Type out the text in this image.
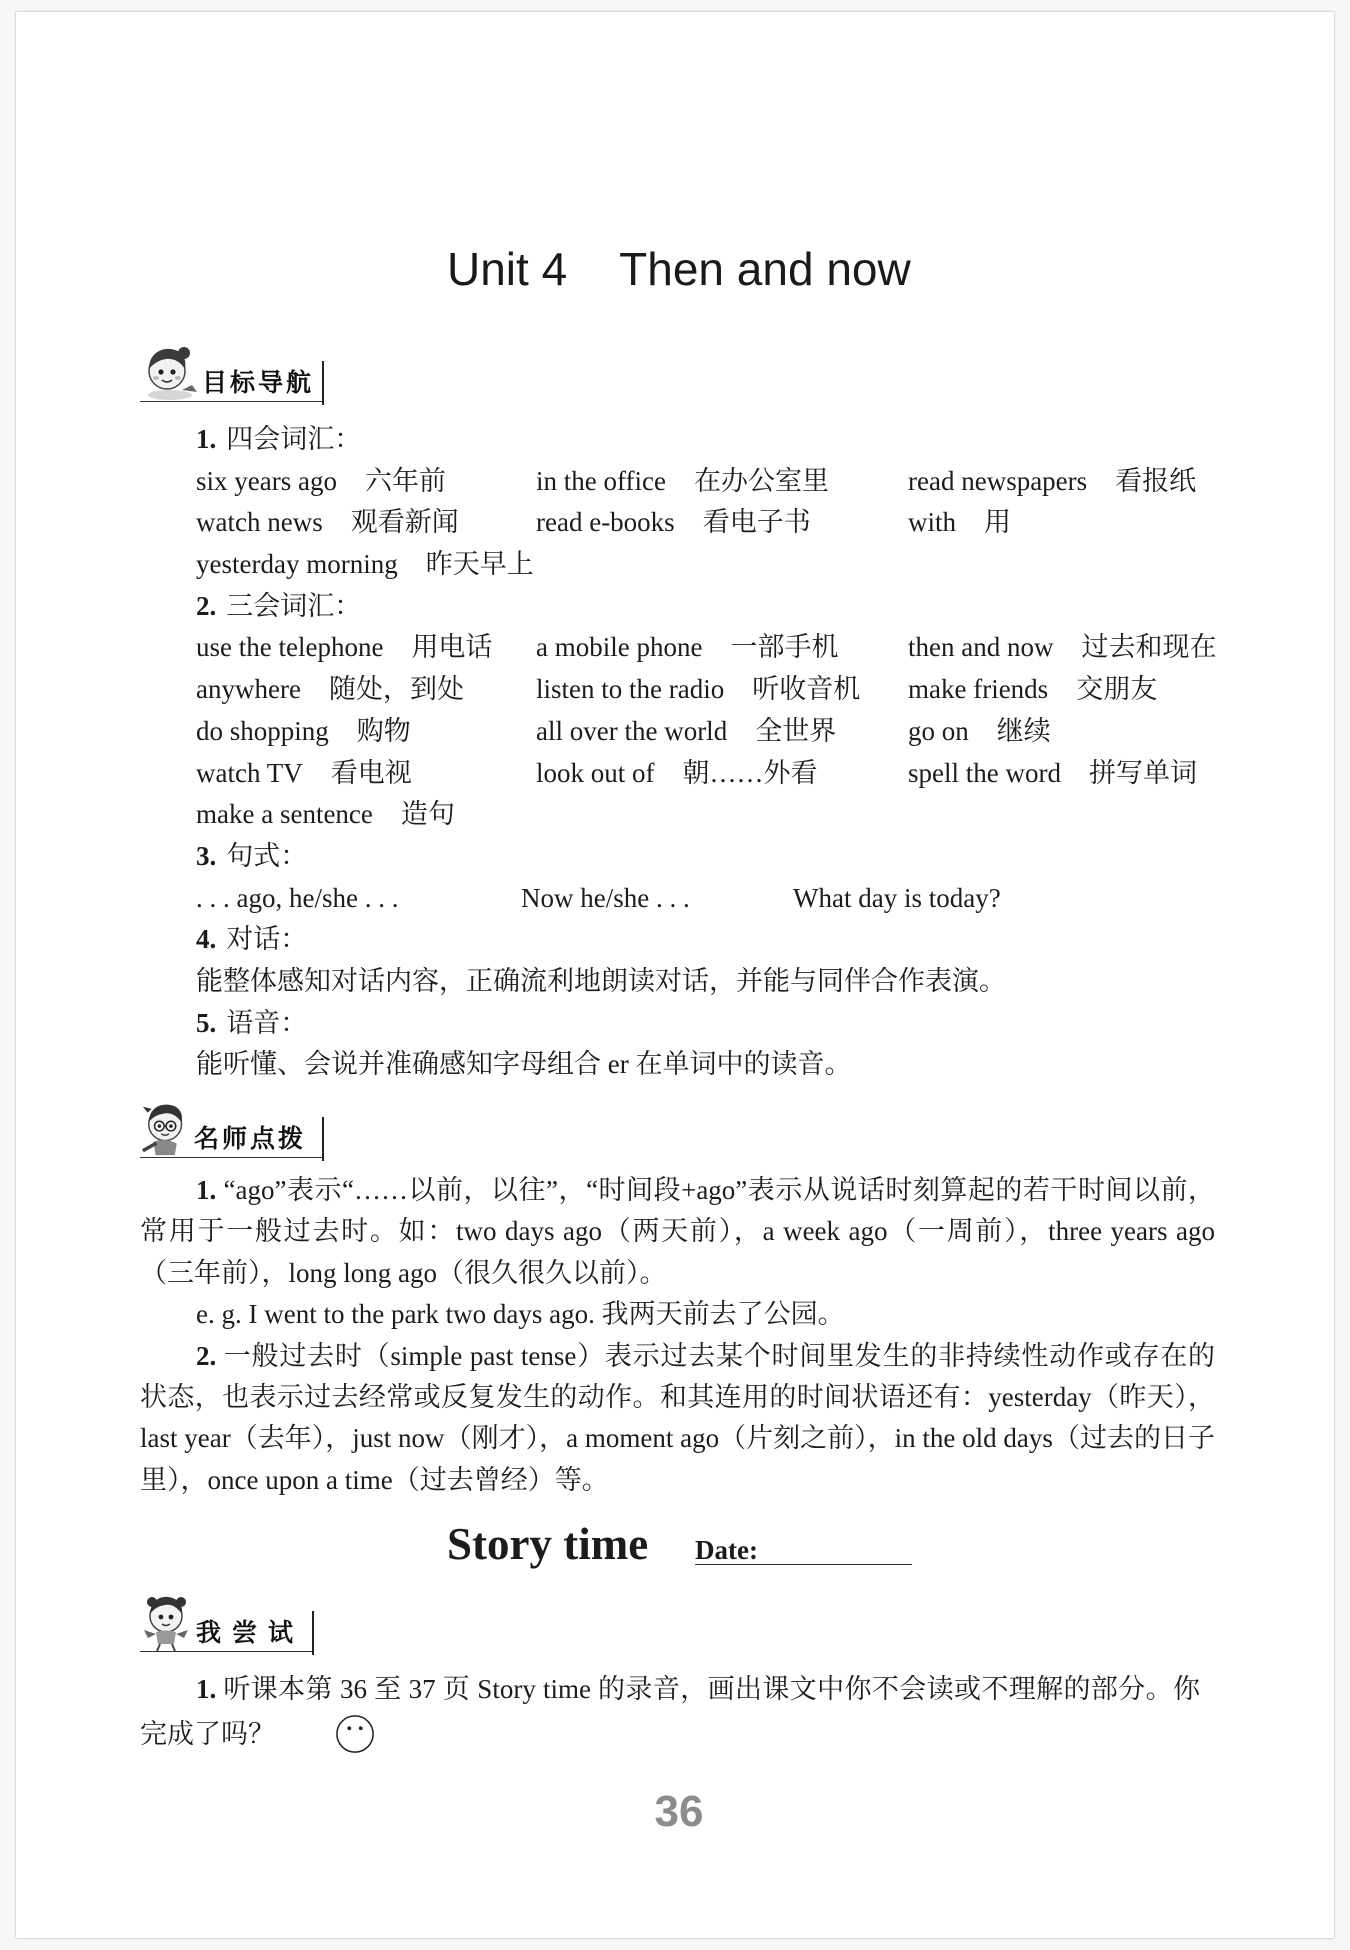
Unit 4 Then and now
目标导航
1. 四会词汇：
six years ago 六年前	in the office 在办公室里	read newspapers 看报纸
watch news 观看新闻	read e-books 看电子书	with 用
yesterday morning 昨天早上
2. 三会词汇：
use the telephone 用电话 a mobile phone 一部手机	then and now 过去和现在
anywhere 随处，到处	listen to the radio 听收音机 make friends 交朋友
do shopping 购物	all over the world 全世界	go on 继续
watch TV 看电视	look out of 朝……外看	spell the word 拼写单词
make a sentence 造句
3. 句式：
. . . ago, he/she . . .	Now he/she . . .	What day is today?
4. 对话：
能整体感知对话内容，正确流利地朗读对话，并能与同伴合作表演。
5. 语音：
能听懂、会说并准确感知字母组合 er 在单词中的读音。
名师点拨

1. “ago”表示“……以前，以往”，“时间段+ago”表示从说话时刻算起的若干时间以前，常用于一般过去时。如：two days ago（两天前），a week ago（一周前），three years ago（三年前），long long ago（很久很久以前）。

e. g. I went to the park two days ago. 我两天前去了公园。

2. 一般过去时（simple past tense）表示过去某个时间里发生的非持续性动作或存在的状态，也表示过去经常或反复发生的动作。和其连用的时间状语还有：yesterday（昨天），last year（去年），just now（刚才），a moment ago（片刻之前），in the old days（过去的日子里），once upon a time（过去曾经）等。

Story time Date:
我尝试

1. 听课本第 36 至 37 页 Story time 的录音，画出课文中你不会读或不理解的部分。你完成了吗？

36
